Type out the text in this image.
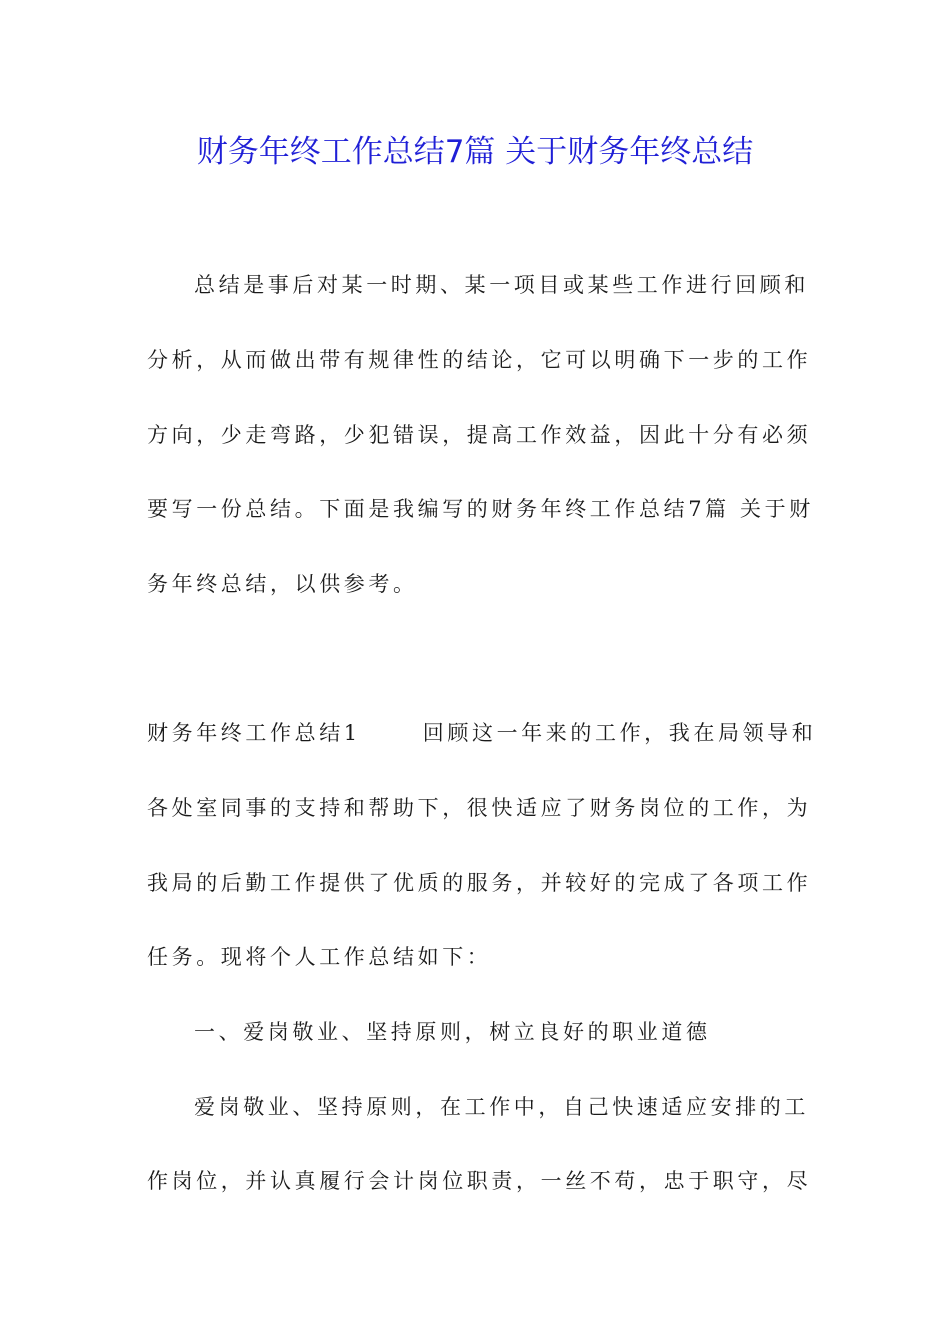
财务年终工作总结7篇 关于财务年终总结
总结是事后对某一时期、某一项目或某些工作进行回顾和
分析，从而做出带有规律性的结论，它可以明确下一步的工作
方向，少走弯路，少犯错误，提高工作效益，因此十分有必须
要写一份总结。下面是我编写的财务年终工作总结7篇 关于财
务年终总结，以供参考。
财务年终工作总结1	回顾这一年来的工作，我在局领导和
各处室同事的支持和帮助下，很快适应了财务岗位的工作，为
我局的后勤工作提供了优质的服务，并较好的完成了各项工作
任务。现将个人工作总结如下：
一、爱岗敬业、坚持原则，树立良好的职业道德
爱岗敬业、坚持原则，在工作中，自己快速适应安排的工
作岗位，并认真履行会计岗位职责，一丝不苟，忠于职守，尽
